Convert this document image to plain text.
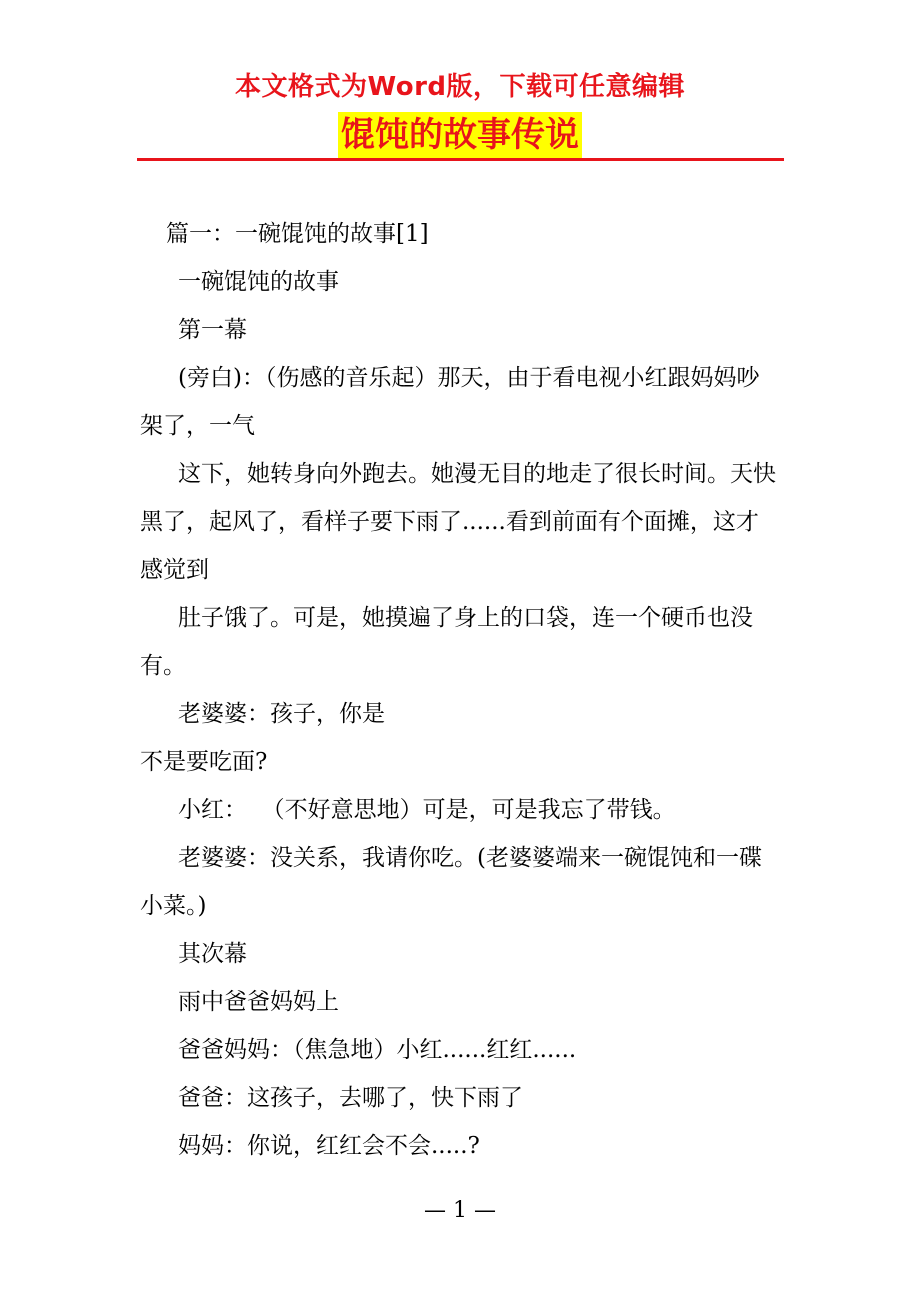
本文格式为Word版，下载可任意编辑
馄饨的故事传说

篇一：一碗馄饨的故事[1]

一碗馄饨的故事

第一幕

(旁白)：（伤感的音乐起）那天，由于看电视小红跟妈妈吵架了，一气

这下，她转身向外跑去。她漫无目的地走了很长时间。天快黑了，起风了，看样子要下雨了......看到前面有个面摊，这才感觉到

肚子饿了。可是，她摸遍了身上的口袋，连一个硬币也没有。

老婆婆：孩子，你是

不是要吃面?

小红：  （不好意思地）可是，可是我忘了带钱。

老婆婆：没关系，我请你吃。(老婆婆端来一碗馄饨和一碟小菜。)

其次幕

雨中爸爸妈妈上

爸爸妈妈：（焦急地）小红......红红......

爸爸：这孩子，去哪了，快下雨了

妈妈：你说，红红会不会.....?

— 1 —
